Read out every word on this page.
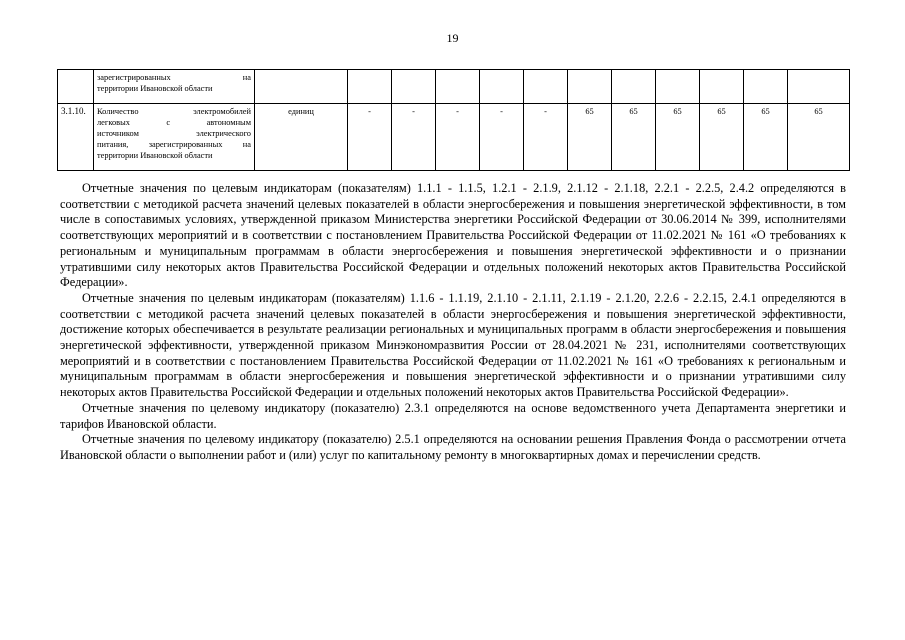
19

	зарегистрированных на
территории Ивановской области												

3.1.10.	Количество электромобилей
легковых с автономным
источником электрического
питания, зарегистрированных на
территории Ивановской области	единиц	-	-	-	-	-	65	65	65	65	65	65

Отчетные значения по целевым индикаторам (показателям) 1.1.1 - 1.1.5, 1.2.1 - 2.1.9, 2.1.12 - 2.1.18, 2.2.1 - 2.2.5, 2.4.2 определяются в соответствии с методикой расчета значений целевых показателей в области энергосбережения и повышения энергетической эффективности, в том числе в сопоставимых условиях, утвержденной приказом Министерства энергетики Российской Федерации от 30.06.2014 № 399, исполнителями соответствующих мероприятий и в соответствии с постановлением Правительства Российской Федерации от 11.02.2021 № 161 «О требованиях к региональным и муниципальным программам в области энергосбережения и повышения энергетической эффективности и о признании утратившими силу некоторых актов Правительства Российской Федерации и отдельных положений некоторых актов Правительства Российской Федерации».

Отчетные значения по целевым индикаторам (показателям) 1.1.6 - 1.1.19, 2.1.10 - 2.1.11, 2.1.19 - 2.1.20, 2.2.6 - 2.2.15, 2.4.1 определяются в соответствии с методикой расчета значений целевых показателей в области энергосбережения и повышения энергетической эффективности, достижение которых обеспечивается в результате реализации региональных и муниципальных программ в области энергосбережения и повышения энергетической эффективности, утвержденной приказом Минэкономразвития России от 28.04.2021 № 231, исполнителями соответствующих мероприятий и в соответствии с постановлением Правительства Российской Федерации от 11.02.2021 № 161 «О требованиях к региональным и муниципальным программам в области энергосбережения и повышения энергетической эффективности и о признании утратившими силу некоторых актов Правительства Российской Федерации и отдельных положений некоторых актов Правительства Российской Федерации».

Отчетные значения по целевому индикатору (показателю) 2.3.1 определяются на основе ведомственного учета Департамента энергетики и тарифов Ивановской области.

Отчетные значения по целевому индикатору (показателю) 2.5.1 определяются на основании решения Правления Фонда о рассмотрении отчета Ивановской области о выполнении работ и (или) услуг по капитальному ремонту в многоквартирных домах и перечислении средств.
